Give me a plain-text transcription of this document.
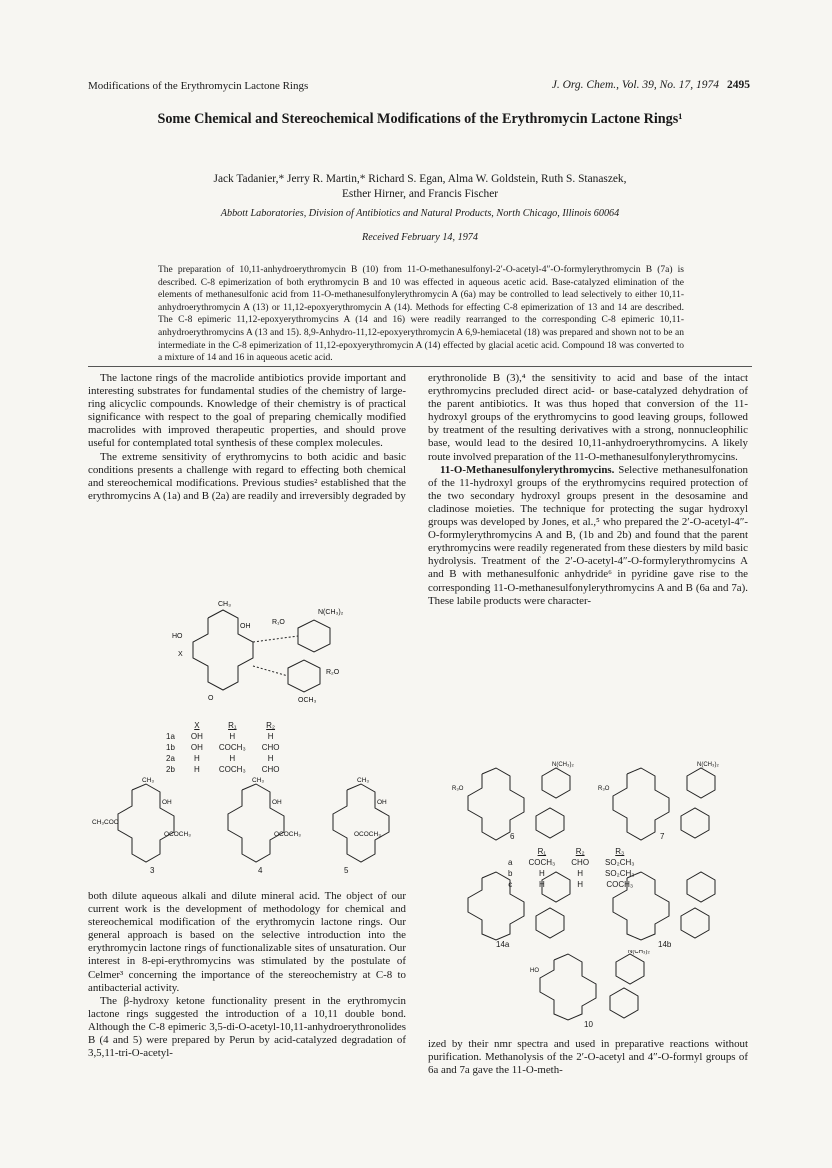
Modifications of the Erythromycin Lactone Rings	J. Org. Chem., Vol. 39, No. 17, 1974 2495
Some Chemical and Stereochemical Modifications of the Erythromycin Lactone Rings¹
Jack Tadanier,* Jerry R. Martin,* Richard S. Egan, Alma W. Goldstein, Ruth S. Stanaszek,
Esther Hirner, and Francis Fischer
Abbott Laboratories, Division of Antibiotics and Natural Products, North Chicago, Illinois 60064
Received February 14, 1974
The preparation of 10,11-anhydroerythromycin B (10) from 11-O-methanesulfonyl-2′-O-acetyl-4″-O-formylerythromycin B (7a) is described. C-8 epimerization of both erythromycin B and 10 was effected in aqueous acetic acid. Base-catalyzed elimination of the elements of methanesulfonic acid from 11-O-methanesulfonylerythromycin A (6a) may be controlled to lead selectively to either 10,11-anhydroerythromycin A (13) or 11,12-epoxyerythromycin A (14). Methods for effecting C-8 epimerization of 13 and 14 are described. The C-8 epimeric 11,12-epoxyerythromycins A (14 and 16) were readily rearranged to the corresponding C-8 epimeric 10,11-anhydroerythromycins A (13 and 15). 8,9-Anhydro-11,12-epoxyerythromycin A 6,9-hemiacetal (18) was prepared and shown not to be an intermediate in the C-8 epimerization of 11,12-epoxyerythromycin A (14) effected by glacial acetic acid. Compound 18 was converted to a mixture of 14 and 16 in aqueous acetic acid.

The lactone rings of the macrolide antibiotics provide important and interesting substrates for fundamental studies of the chemistry of large-ring alicyclic compounds. Knowledge of their chemistry is of practical significance with respect to the goal of preparing chemically modified macrolides with improved therapeutic properties, and should prove useful for contemplated total synthesis of these complex molecules.

The extreme sensitivity of erythromycins to both acidic and basic conditions presents a challenge with regard to effecting both chemical and stereochemical modifications. Previous studies² established that the erythromycins A (1a) and B (2a) are readily and irreversibly degraded by

CH₃
OH
HO
N(CH₃)₂
R₁O
R₂O
OCH₃
X
O
	X	R₁	R₂
1a	OH	H	H
1b	OH	COCH₃	CHO
2a	H	H	H
2b	H	COCH₃	CHO
CH₃
OH
CH₃COO
OCOCH₃
CH₃
OH
OCOCH₃
CH₃
OH
OCOCH₃
3	4	5

both dilute aqueous alkali and dilute mineral acid. The object of our current work is the development of methodology for chemical and stereochemical modification of the erythromycin lactone rings. Our general approach is based on the selective introduction into the erythromycin lactone rings of functionalizable sites of unsaturation. Our interest in 8-epi-erythromycins was stimulated by the postulate of Celmer³ concerning the importance of the stereochemistry at C-8 to antibacterial activity.

The β-hydroxy ketone functionality present in the erythromycin lactone rings suggested the introduction of a 10,11 double bond. Although the C-8 epimeric 3,5-di-O-acetyl-10,11-anhydroerythronolides B (4 and 5) were prepared by Perun by acid-catalyzed degradation of 3,5,11-tri-O-acetyl-

erythronolide B (3),⁴ the sensitivity to acid and base of the intact erythromycins precluded direct acid- or base-catalyzed dehydration of the parent antibiotics. It was thus hoped that conversion of the 11-hydroxyl groups of the erythromycins to good leaving groups, followed by treatment of the resulting derivatives with a strong, nonnucleophilic base, would lead to the desired 10,11-anhydroerythromycins. A likely route involved preparation of the 11-O-methanesulfonylerythromycins.

11-O-Methanesulfonylerythromycins. Selective methanesulfonation of the 11-hydroxyl groups of the erythromycins required protection of the two secondary hydroxyl groups present in the desosamine and cladinose moieties. The technique for protecting the sugar hydroxyl groups was developed by Jones, et al.,⁵ who prepared the 2′-O-acetyl-4″-O-formylerythromycins A and B, (1b and 2b) and found that the parent erythromycins were readily regenerated from these diesters by mild basic hydrolysis. Treatment of the 2′-O-acetyl-4″-O-formylerythromycins A and B with methanesulfonic anhydride⁶ in pyridine gave rise to the corresponding 11-O-methanesulfonylerythromycins A and B (6a and 7a). These labile products were character-

N(CH₃)₂
R₃O
N(CH₃)₂
R₃O
6	7
	R₁	R₂	R₃
a	COCH₃	CHO	SO₂CH₃
b	H	H	SO₂CH₃
c	H	H	COCH₃
14a	14b
N(CH₃)₂
HO
10

ized by their nmr spectra and used in preparative reactions without purification. Methanolysis of the 2′-O-acetyl and 4″-O-formyl groups of 6a and 7a gave the 11-O-meth-
